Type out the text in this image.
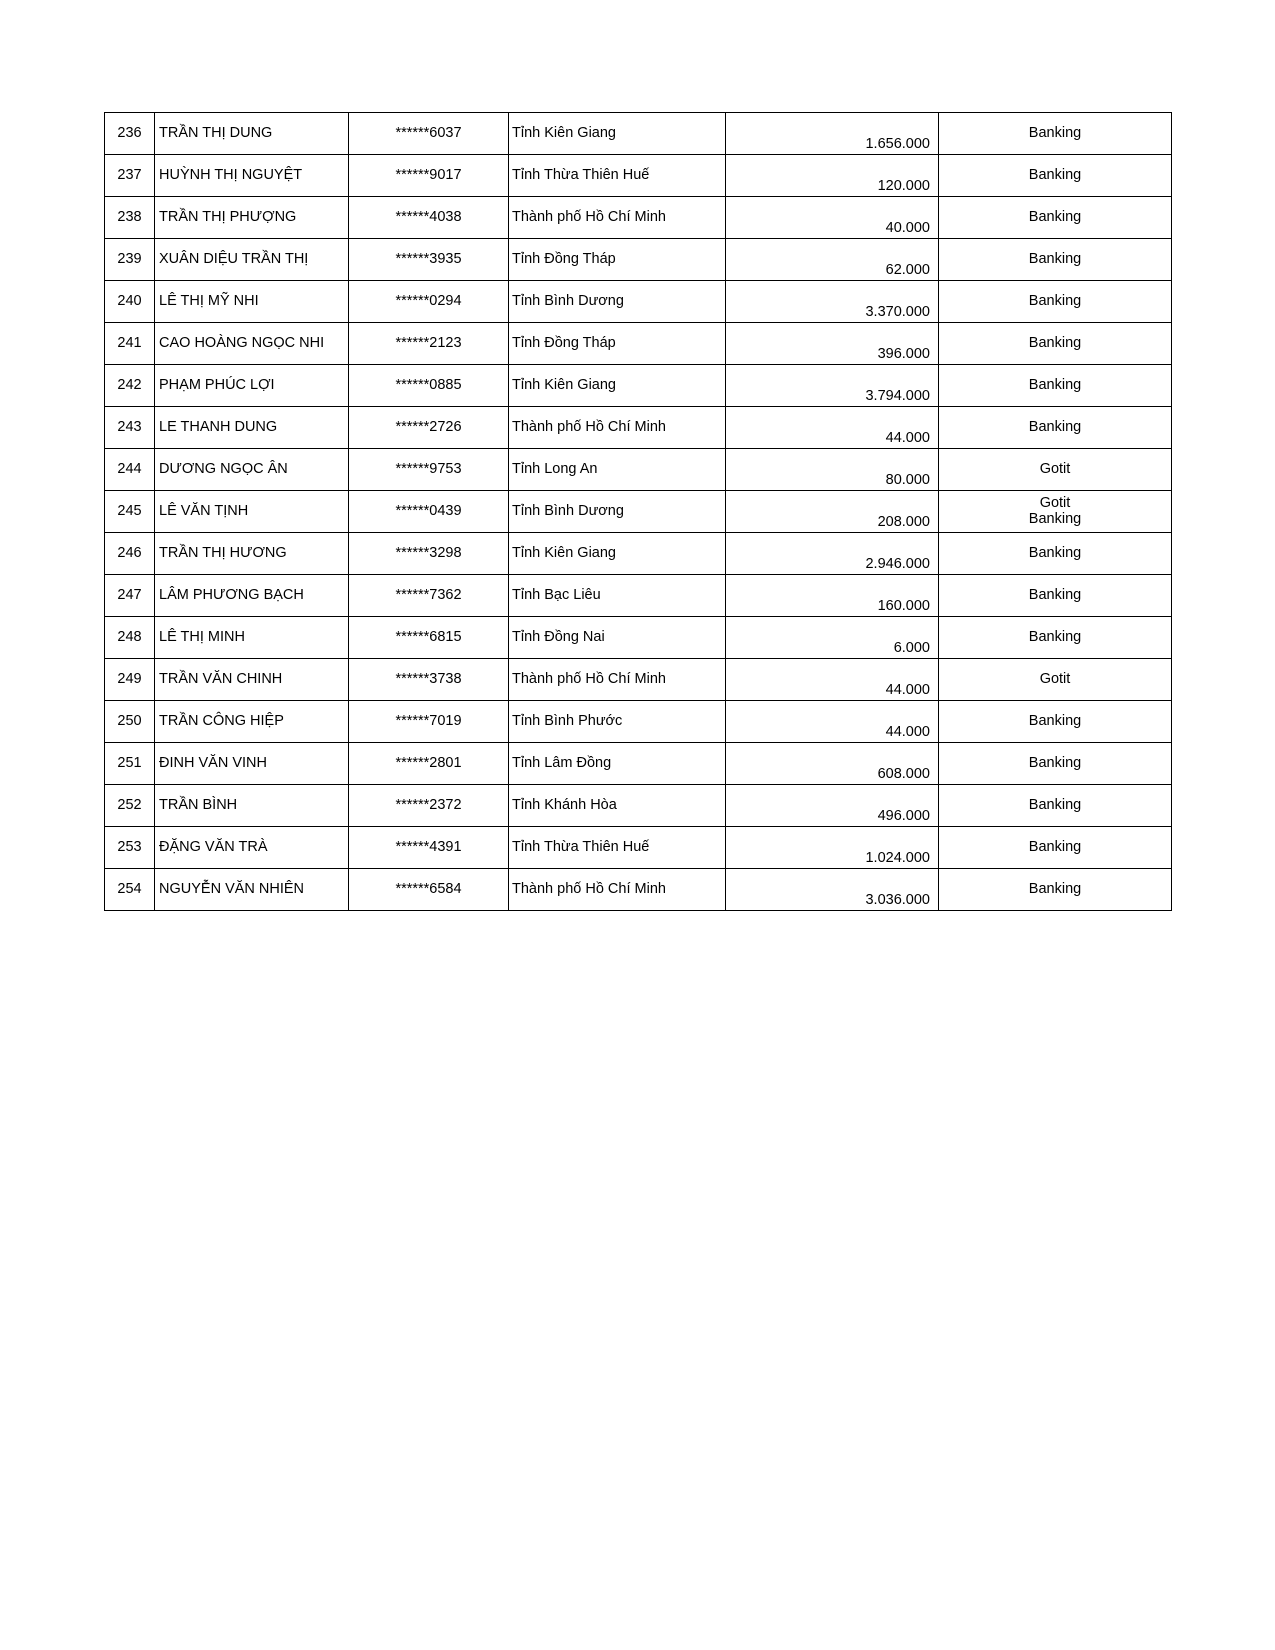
236	TRẦN THỊ DUNG	******6037	Tỉnh Kiên Giang	1.656.000	Banking

237	HUỲNH THỊ NGUYỆT	******9017	Tỉnh Thừa Thiên Huế	120.000	Banking

238	TRẦN THỊ PHƯỢNG	******4038	Thành phố Hồ Chí Minh	40.000	Banking

239	XUÂN DIỆU TRẦN THỊ	******3935	Tỉnh Đồng Tháp	62.000	Banking

240	LÊ THỊ MỸ NHI	******0294	Tỉnh Bình Dương	3.370.000	Banking

241	CAO HOÀNG NGỌC NHI	******2123	Tỉnh Đồng Tháp	396.000	Banking

242	PHẠM PHÚC LỢI	******0885	Tỉnh Kiên Giang	3.794.000	Banking

243	LE THANH DUNG	******2726	Thành phố Hồ Chí Minh	44.000	Banking

244	DƯƠNG NGỌC ÂN	******9753	Tỉnh Long An	80.000	Gotit

245	LÊ VĂN TỊNH	******0439	Tỉnh Bình Dương	208.000	Gotit
Banking

246	TRẦN THỊ HƯƠNG	******3298	Tỉnh Kiên Giang	2.946.000	Banking

247	LÂM PHƯƠNG BẠCH	******7362	Tỉnh Bạc Liêu	160.000	Banking

248	LÊ THỊ MINH	******6815	Tỉnh Đồng Nai	6.000	Banking

249	TRẦN VĂN CHINH	******3738	Thành phố Hồ Chí Minh	44.000	Gotit

250	TRẦN CÔNG HIỆP	******7019	Tỉnh Bình Phước	44.000	Banking

251	ĐINH VĂN VINH	******2801	Tỉnh Lâm Đồng	608.000	Banking

252	TRẦN BÌNH	******2372	Tỉnh Khánh Hòa	496.000	Banking

253	ĐẶNG VĂN TRÀ	******4391	Tỉnh Thừa Thiên Huế	1.024.000	Banking

254	NGUYỄN VĂN NHIÊN	******6584	Thành phố Hồ Chí Minh	3.036.000	Banking
